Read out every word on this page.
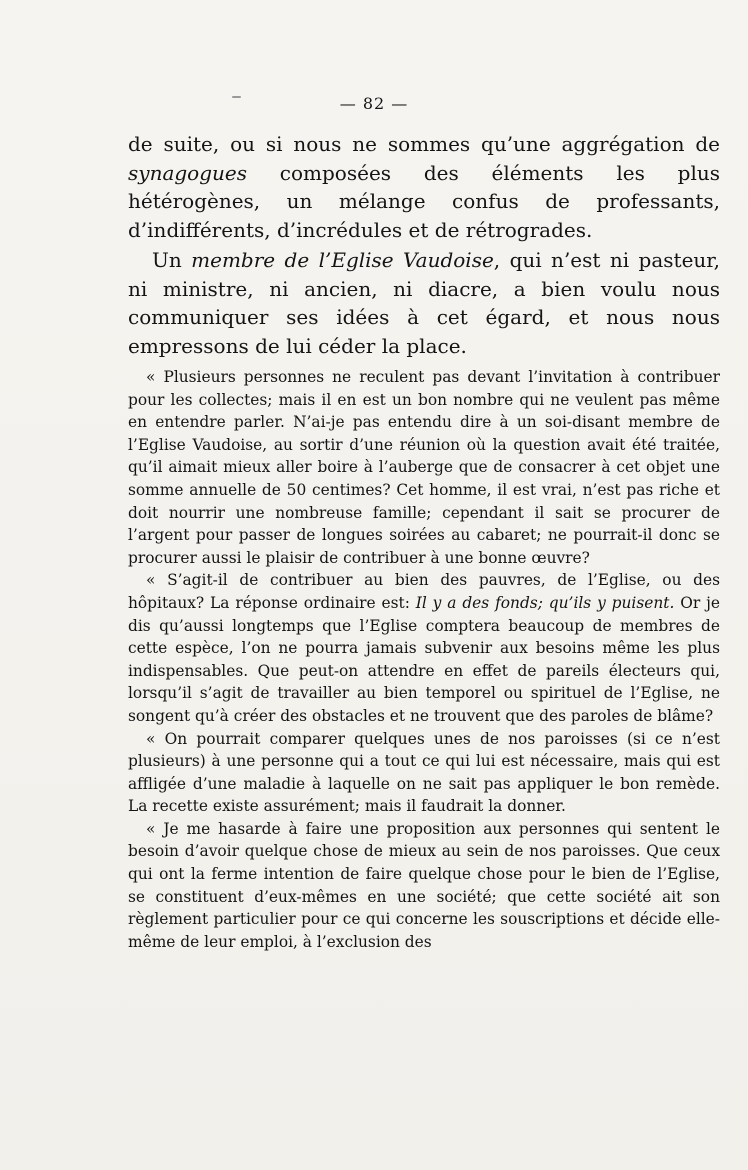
— 82 —

de suite, ou si nous ne sommes qu’une aggrégation de synagogues composées des éléments les plus hétérogènes, un mélange confus de professants, d’indifférents, d’incrédules et de rétrogrades.

Un membre de l’Eglise Vaudoise, qui n’est ni pasteur, ni ministre, ni ancien, ni diacre, a bien voulu nous communiquer ses idées à cet égard, et nous nous empressons de lui céder la place.

« Plusieurs personnes ne reculent pas devant l’invitation à contribuer pour les collectes; mais il en est un bon nombre qui ne veulent pas même en entendre parler. N’ai-je pas entendu dire à un soi-disant membre de l’Eglise Vaudoise, au sortir d’une réunion où la question avait été traitée, qu’il aimait mieux aller boire à l’auberge que de consacrer à cet objet une somme annuelle de 50 centimes? Cet homme, il est vrai, n’est pas riche et doit nourrir une nombreuse famille; cependant il sait se procurer de l’argent pour passer de longues soirées au cabaret; ne pourrait-il donc se procurer aussi le plaisir de contribuer à une bonne œuvre?

« S’agit-il de contribuer au bien des pauvres, de l’Eglise, ou des hôpitaux? La réponse ordinaire est: Il y a des fonds; qu’ils y puisent. Or je dis qu’aussi longtemps que l’Eglise comptera beaucoup de membres de cette espèce, l’on ne pourra jamais subvenir aux besoins même les plus indispensables. Que peut-on attendre en effet de pareils électeurs qui, lorsqu’il s’agit de travailler au bien temporel ou spirituel de l’Eglise, ne songent qu’à créer des obstacles et ne trouvent que des paroles de blâme?

« On pourrait comparer quelques unes de nos paroisses (si ce n’est plusieurs) à une personne qui a tout ce qui lui est nécessaire, mais qui est affligée d’une maladie à laquelle on ne sait pas appliquer le bon remède. La recette existe assurément; mais il faudrait la donner.

« Je me hasarde à faire une proposition aux personnes qui sentent le besoin d’avoir quelque chose de mieux au sein de nos paroisses. Que ceux qui ont la ferme intention de faire quelque chose pour le bien de l’Eglise, se constituent d’eux-mêmes en une société; que cette société ait son règlement particulier pour ce qui concerne les souscriptions et décide elle-même de leur emploi, à l’exclusion des
